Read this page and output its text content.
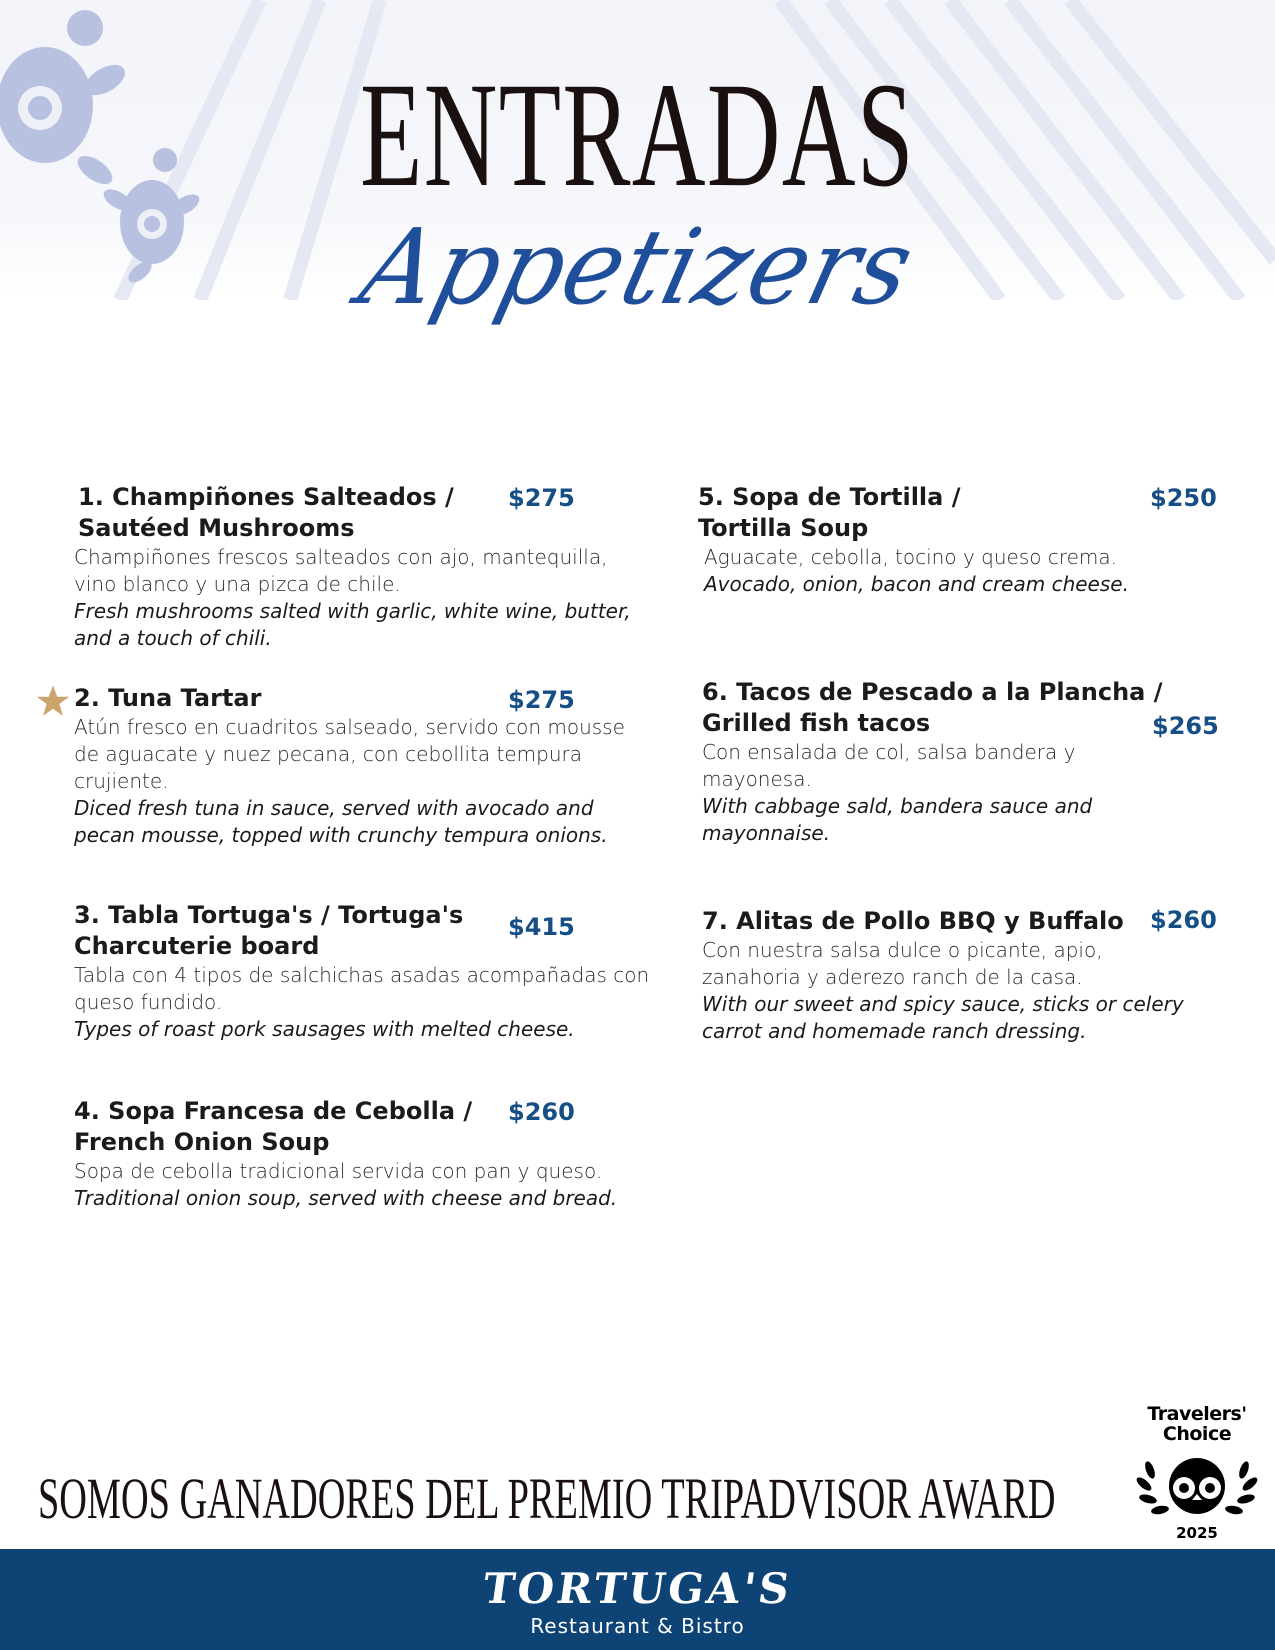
ENTRADAS
Appetizers
1. Champiñones Salteados / Sautéed Mushrooms
Champiñones frescos salteados con ajo, mantequilla, vino blanco y una pizca de chile.
Fresh mushrooms salted with garlic, white wine, butter, and a touch of chili.
$275
2. Tuna Tartar
Atún fresco en cuadritos salseado, servido con mousse de aguacate y nuez pecana, con cebollita tempura crujiente.
Diced fresh tuna in sauce, served with avocado and pecan mousse, topped with crunchy tempura onions.
$275
3. Tabla Tortuga's / Tortuga's Charcuterie board
Tabla con 4 tipos de salchichas asadas acompañadas con queso fundido.
Types of roast pork sausages with melted cheese.
$415
4. Sopa Francesa de Cebolla / French Onion Soup
Sopa de cebolla tradicional servida con pan y queso.
Traditional onion soup, served with cheese and bread.
$260
5. Sopa de Tortilla / Tortilla Soup
Aguacate, cebolla, tocino y queso crema.
Avocado, onion, bacon and cream cheese.
$250
6. Tacos de Pescado a la Plancha / Grilled fish tacos
Con ensalada de col, salsa bandera y mayonesa.
With cabbage sald, bandera sauce and mayonnaise.
$265
7. Alitas de Pollo BBQ y Buffalo
Con nuestra salsa dulce o picante, apio, zanahoria y aderezo ranch de la casa.
With our sweet and spicy sauce, sticks or celery carrot and homemade ranch dressing.
$260
SOMOS GANADORES DEL PREMIO TRIPADVISOR AWARD
Travelers'
Choice
2025
TORTUGA'S
Restaurant & Bistro
